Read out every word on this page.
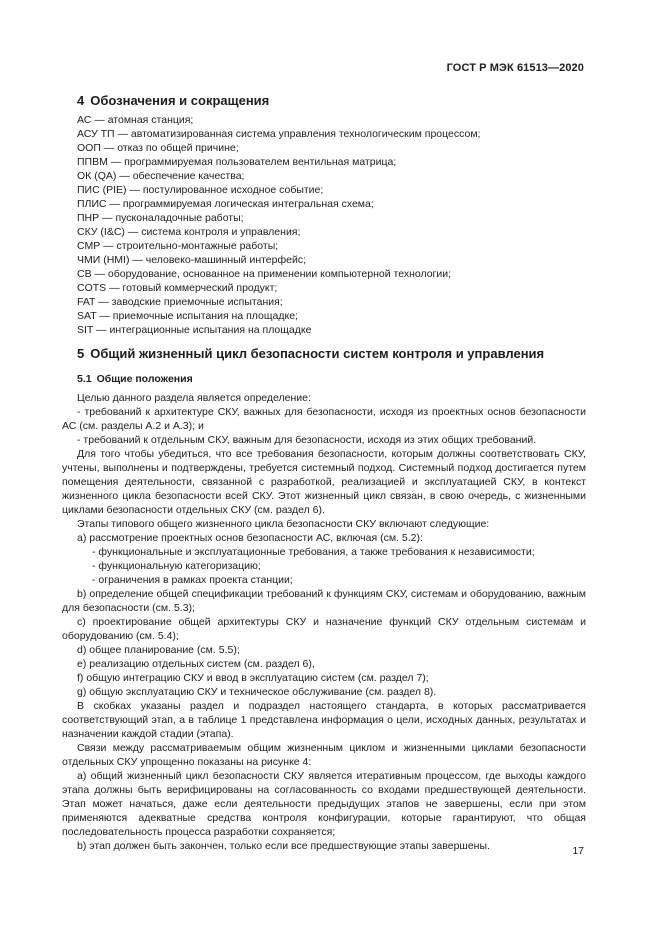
ГОСТ Р МЭК 61513—2020
4 Обозначения и сокращения
АС — атомная станция;
АСУ ТП — автоматизированная система управления технологическим процессом;
ООП — отказ по общей причине;
ППВМ — программируемая пользователем вентильная матрица;
ОК (QA) — обеспечение качества;
ПИС (PIE) — постулированное исходное событие;
ПЛИС — программируемая логическая интегральная схема;
ПНР — пусконаладочные работы;
СКУ (I&C) — система контроля и управления;
СМР — строительно-монтажные работы;
ЧМИ (HMI) — человеко-машинный интерфейс;
СВ — оборудование, основанное на применении компьютерной технологии;
COTS — готовый коммерческий продукт;
FAT — заводские приемочные испытания;
SAT — приемочные испытания на площадке;
SIT — интеграционные испытания на площадке
5 Общий жизненный цикл безопасности систем контроля и управления
5.1 Общие положения

Целью данного раздела является определение:

- требований к архитектуре СКУ, важных для безопасности, исходя из проектных основ безопасности АС (см. разделы А.2 и А.3); и

- требований к отдельным СКУ, важным для безопасности, исходя из этих общих требований.

Для того чтобы убедиться, что все требования безопасности, которым должны соответствовать СКУ, учтены, выполнены и подтверждены, требуется системный подход. Системный подход достигается путем помещения деятельности, связанной с разработкой, реализацией и эксплуатацией СКУ, в контекст жизненного цикла безопасности всей СКУ. Этот жизненный цикл связан, в свою очередь, с жизненными циклами безопасности отдельных СКУ (см. раздел 6).

Этапы типового общего жизненного цикла безопасности СКУ включают следующие:

a) рассмотрение проектных основ безопасности АС, включая (см. 5.2):

- функциональные и эксплуатационные требования, а также требования к независимости;

- функциональную категоризацию;

- ограничения в рамках проекта станции;

b) определение общей спецификации требований к функциям СКУ, системам и оборудованию, важным для безопасности (см. 5.3);

c) проектирование общей архитектуры СКУ и назначение функций СКУ отдельным системам и оборудованию (см. 5.4);

d) общее планирование (см. 5.5);

e) реализацию отдельных систем (см. раздел 6),

f) общую интеграцию СКУ и ввод в эксплуатацию систем (см. раздел 7);

g) общую эксплуатацию СКУ и техническое обслуживание (см. раздел 8).

В скобках указаны раздел и подраздел настоящего стандарта, в которых рассматривается соответствующий этап, а в таблице 1 представлена информация о цели, исходных данных, результатах и назначении каждой стадии (этапа).

Связи между рассматриваемым общим жизненным циклом и жизненными циклами безопасности отдельных СКУ упрощенно показаны на рисунке 4:

a) общий жизненный цикл безопасности СКУ является итеративным процессом, где выходы каждого этапа должны быть верифицированы на согласованность со входами предшествующей деятельности. Этап может начаться, даже если деятельности предыдущих этапов не завершены, если при этом применяются адекватные средства контроля конфигурации, которые гарантируют, что общая последовательность процесса разработки сохраняется;

b) этап должен быть закончен, только если все предшествующие этапы завершены.	17
